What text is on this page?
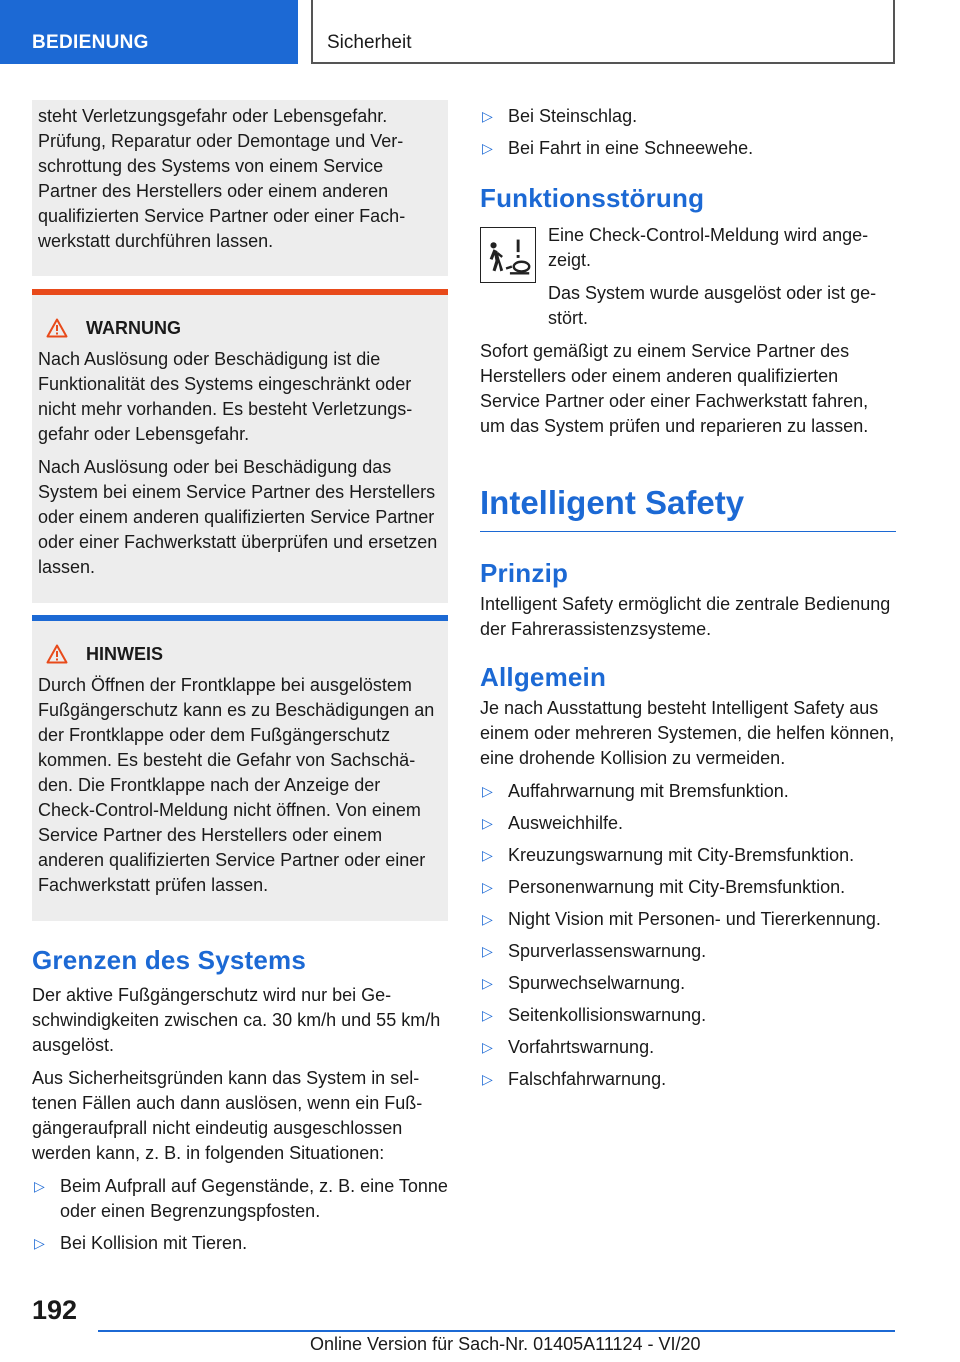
BEDIENUNG	Sicherheit

steht Verletzungsgefahr oder Lebensgefahr. Prüfung, Reparatur oder Demontage und Verschrottung des Systems von einem Service Partner des Herstellers oder einem anderen qualifizierten Service Partner oder einer Fachwerkstatt durchführen lassen.

WARNUNG

Nach Auslösung oder Beschädigung ist die Funktionalität des Systems eingeschränkt oder nicht mehr vorhanden. Es besteht Verletzungsgefahr oder Lebensgefahr.

Nach Auslösung oder bei Beschädigung das System bei einem Service Partner des Herstellers oder einem anderen qualifizierten Service Partner oder einer Fachwerkstatt überprüfen und ersetzen lassen.

HINWEIS

Durch Öffnen der Frontklappe bei ausgelöstem Fußgängerschutz kann es zu Beschädigungen an der Frontklappe oder dem Fußgängerschutz kommen. Es besteht die Gefahr von Sachschäden. Die Frontklappe nach der Anzeige der Check-Control-Meldung nicht öffnen. Von einem Service Partner des Herstellers oder einem anderen qualifizierten Service Partner oder einer Fachwerkstatt prüfen lassen.

Grenzen des Systems

Der aktive Fußgängerschutz wird nur bei Geschwindigkeiten zwischen ca. 30 km/h und 55 km/h ausgelöst.

Aus Sicherheitsgründen kann das System in seltenen Fällen auch dann auslösen, wenn ein Fußgängeraufprall nicht eindeutig ausgeschlossen werden kann, z. B. in folgenden Situationen:

▷ Beim Aufprall auf Gegenstände, z. B. eine Tonne oder einen Begrenzungspfosten.
▷ Bei Kollision mit Tieren.
▷ Bei Steinschlag.
▷ Bei Fahrt in eine Schneewehe.
Funktionsstörung

Eine Check-Control-Meldung wird angezeigt.

Das System wurde ausgelöst oder ist gestört.

Sofort gemäßigt zu einem Service Partner des Herstellers oder einem anderen qualifizierten Service Partner oder einer Fachwerkstatt fahren, um das System prüfen und reparieren zu lassen.

Intelligent Safety
Prinzip

Intelligent Safety ermöglicht die zentrale Bedienung der Fahrerassistenzsysteme.

Allgemein

Je nach Ausstattung besteht Intelligent Safety aus einem oder mehreren Systemen, die helfen können, eine drohende Kollision zu vermeiden.

▷ Auffahrwarnung mit Bremsfunktion.
▷ Ausweichhilfe.
▷ Kreuzungswarnung mit City-Bremsfunktion.
▷ Personenwarnung mit City-Bremsfunktion.
▷ Night Vision mit Personen- und Tiererkennung.
▷ Spurverlassenswarnung.
▷ Spurwechselwarnung.
▷ Seitenkollisionswarnung.
▷ Vorfahrtswarnung.
▷ Falschfahrwarnung.
192
Online Version für Sach-Nr. 01405A11124 - VI/20
